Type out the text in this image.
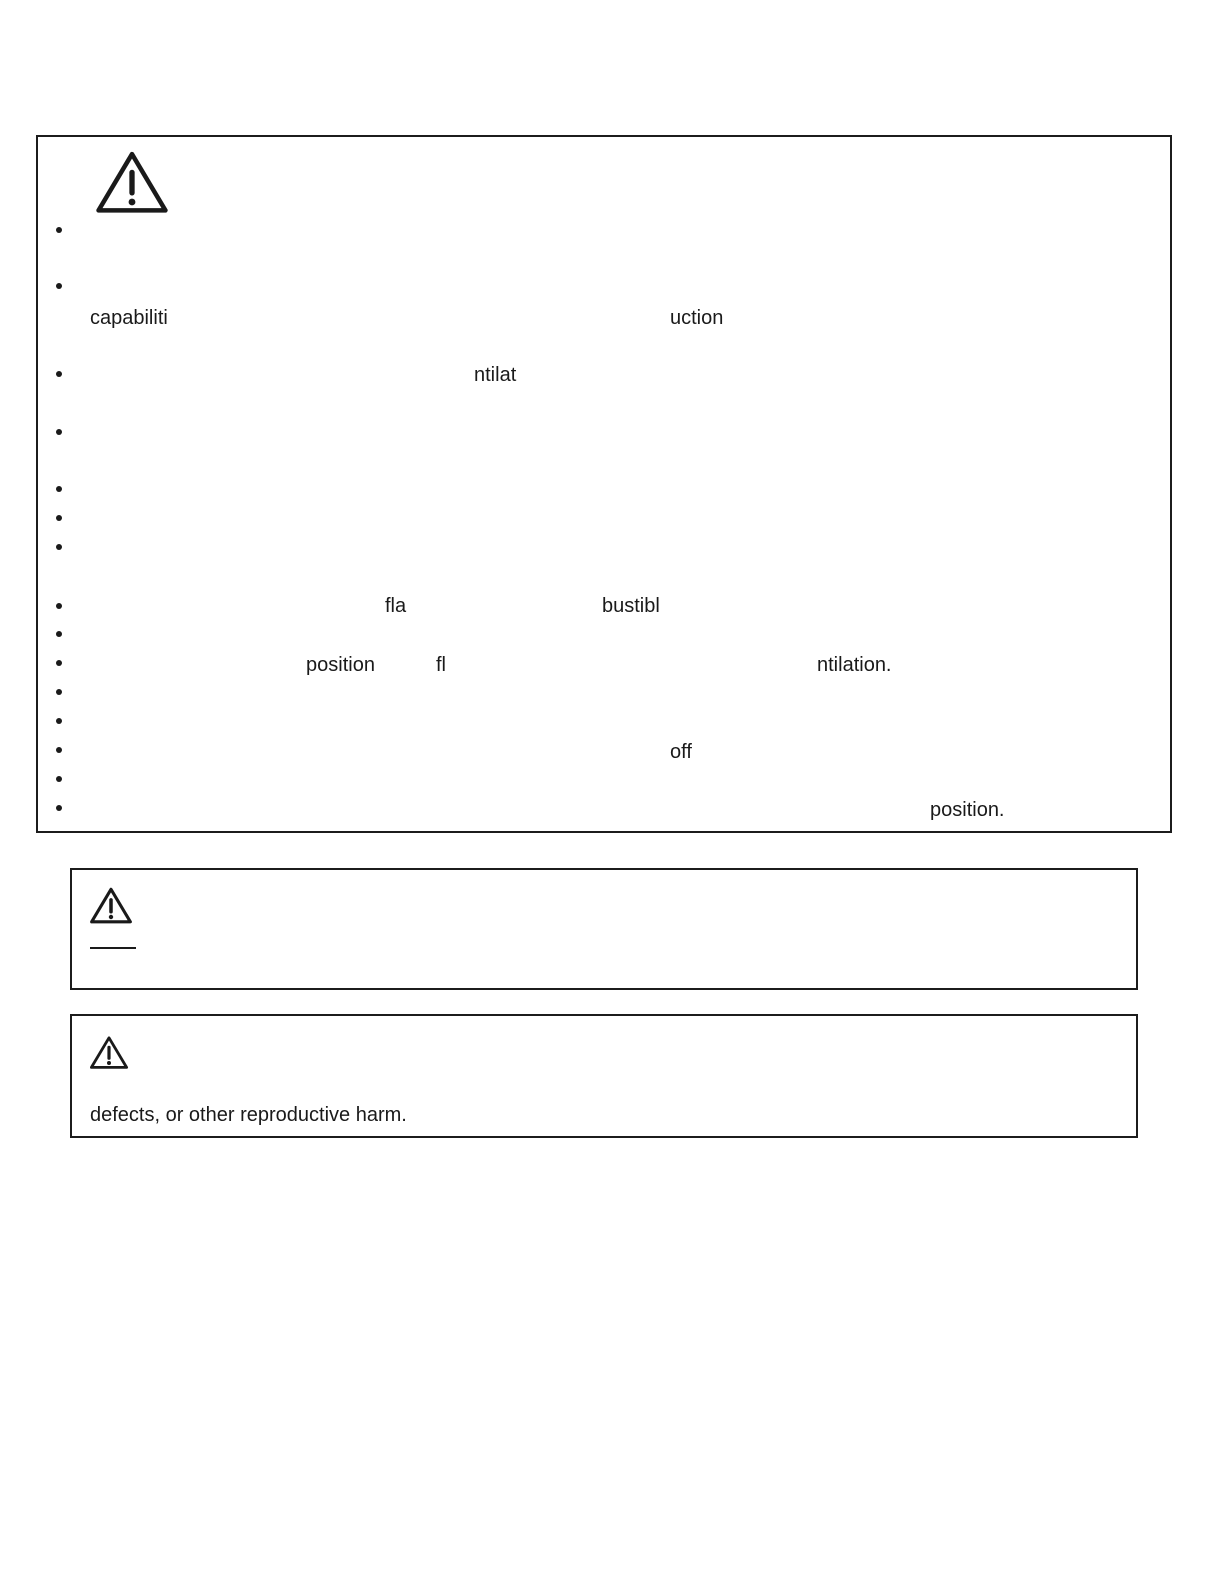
capabiliti	uction
ntilat
fla	bustibl
position	fl	ntilation.
off
position.
defects, or other reproductive harm.
